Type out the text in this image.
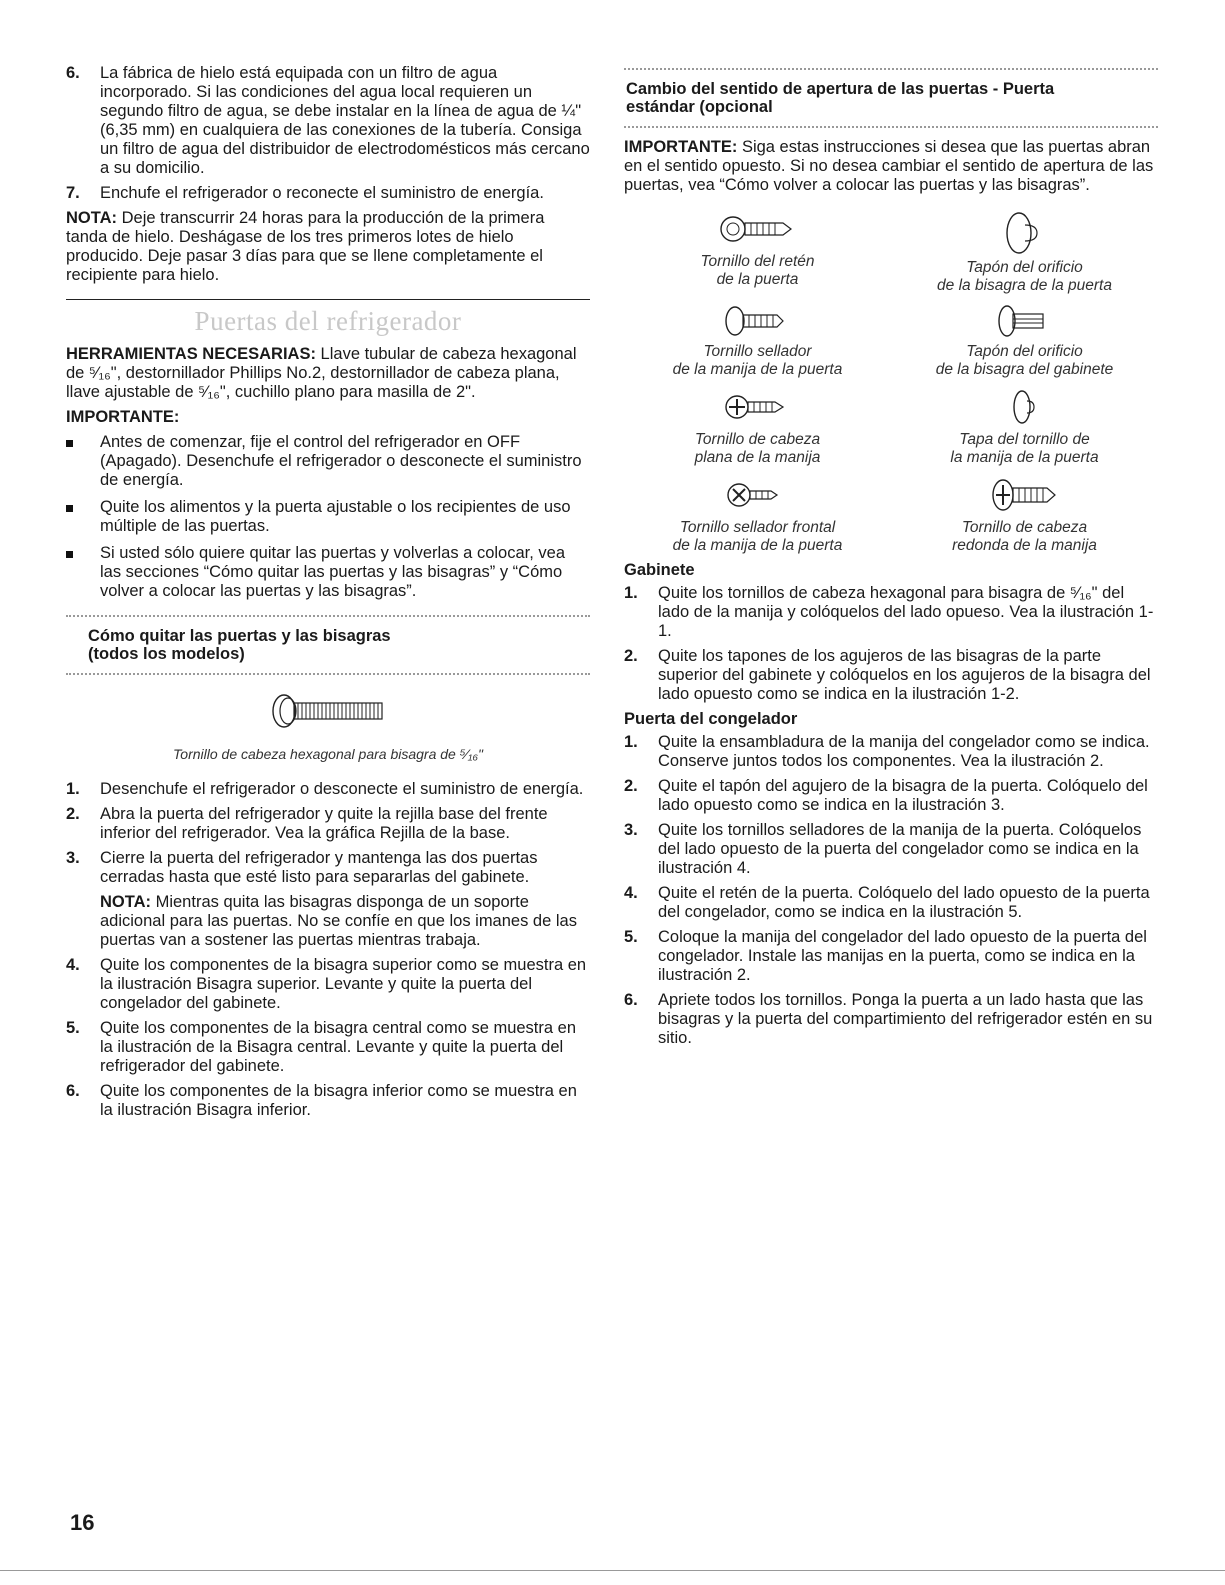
6.	La fábrica de hielo está equipada con un filtro de agua incorporado. Si las condiciones del agua local requieren un segundo filtro de agua, se debe instalar en la línea de agua de ¼" (6,35 mm) en cualquiera de las conexiones de la tubería. Consiga un filtro de agua del distribuidor de electrodomésticos más cercano a su domicilio.
7.	Enchufe el refrigerador o reconecte el suministro de energía.

NOTA: Deje transcurrir 24 horas para la producción de la primera tanda de hielo. Deshágase de los tres primeros lotes de hielo producido. Deje pasar 3 días para que se llene completamente el recipiente para hielo.

Puertas del refrigerador

HERRAMIENTAS NECESARIAS: Llave tubular de cabeza hexagonal de ⁵⁄₁₆", destornillador Phillips No.2, destornillador de cabeza plana, llave ajustable de ⁵⁄₁₆", cuchillo plano para masilla de 2".

IMPORTANTE:

Antes de comenzar, fije el control del refrigerador en OFF (Apagado). Desenchufe el refrigerador o desconecte el suministro de energía.
Quite los alimentos y la puerta ajustable o los recipientes de uso múltiple de las puertas.
Si usted sólo quiere quitar las puertas y volverlas a colocar, vea las secciones “Cómo quitar las puertas y las bisagras” y “Cómo volver a colocar las puertas y las bisagras”.

Cómo quitar las puertas y las bisagras

(todos los modelos)

Tornillo de cabeza hexagonal para bisagra de ⁵⁄₁₆"
1.	Desenchufe el refrigerador o desconecte el suministro de energía.
2.	Abra la puerta del refrigerador y quite la rejilla base del frente inferior del refrigerador. Vea la gráfica Rejilla de la base.
3.	Cierre la puerta del refrigerador y mantenga las dos puertas cerradas hasta que esté listo para separarlas del gabinete.

NOTA: Mientras quita las bisagras disponga de un soporte adicional para las puertas. No se confíe en que los imanes de las puertas van a sostener las puertas mientras trabaja.

4.	Quite los componentes de la bisagra superior como se muestra en la ilustración Bisagra superior. Levante y quite la puerta del congelador del gabinete.
5.	Quite los componentes de la bisagra central como se muestra en la ilustración de la Bisagra central. Levante y quite la puerta del refrigerador del gabinete.
6.	Quite los componentes de la bisagra inferior como se muestra en la ilustración Bisagra inferior.

Cambio del sentido de apertura de las puertas - Puerta

estándar (opcional

IMPORTANTE: Siga estas instrucciones si desea que las puertas abran en el sentido opuesto. Si no desea cambiar el sentido de apertura de las puertas, vea “Cómo volver a colocar las puertas y las bisagras”.

Tornillo del retén
de la puerta
Tapón del orificio
de la bisagra de la puerta
Tornillo sellador
de la manija de la puerta
Tapón del orificio
de la bisagra del gabinete
Tornillo de cabeza
plana de la manija
Tapa del tornillo de
la manija de la puerta
Tornillo sellador frontal
de la manija de la puerta
Tornillo de cabeza
redonda de la manija
Gabinete
1.	Quite los tornillos de cabeza hexagonal para bisagra de ⁵⁄₁₆" del lado de la manija y colóquelos del lado opueso. Vea la ilustración 1-1.
2.	Quite los tapones de los agujeros de las bisagras de la parte superior del gabinete y colóquelos en los agujeros de la bisagra del lado opuesto como se indica en la ilustración 1-2.
Puerta del congelador
1.	Quite la ensambladura de la manija del congelador como se indica. Conserve juntos todos los componentes. Vea la ilustración 2.
2.	Quite el tapón del agujero de la bisagra de la puerta. Colóquelo del lado opuesto como se indica en la ilustración 3.
3.	Quite los tornillos selladores de la manija de la puerta. Colóquelos del lado opuesto de la puerta del congelador como se indica en la ilustración 4.
4.	Quite el retén de la puerta. Colóquelo del lado opuesto de la puerta del congelador, como se indica en la ilustración 5.
5.	Coloque la manija del congelador del lado opuesto de la puerta del congelador. Instale las manijas en la puerta, como se indica en la ilustración 2.
6.	Apriete todos los tornillos. Ponga la puerta a un lado hasta que las bisagras y la puerta del compartimiento del refrigerador estén en su sitio.
16
